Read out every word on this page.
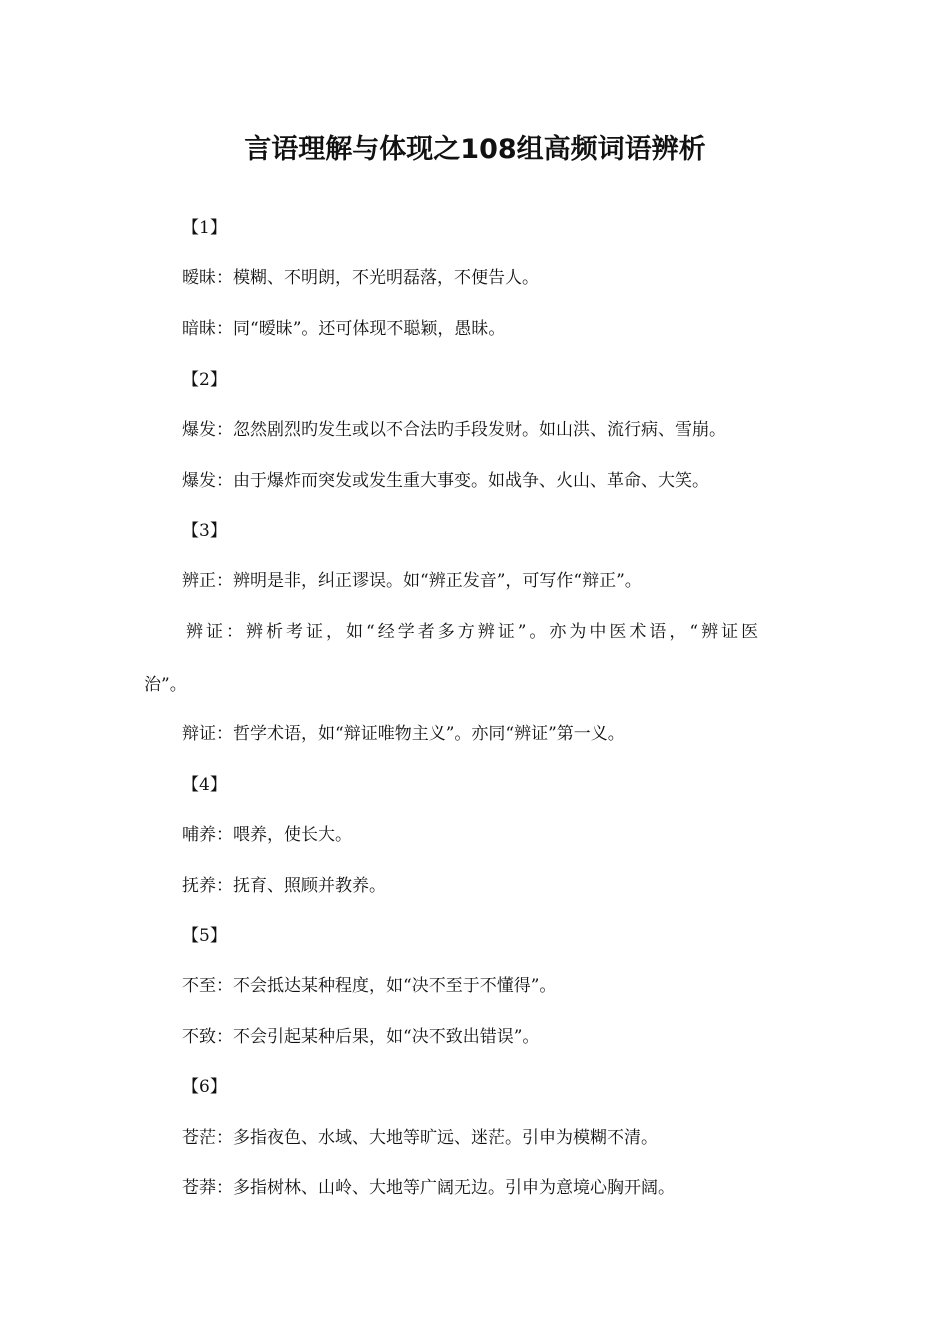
言语理解与体现之108组高频词语辨析
【1】
暧昧：模糊、不明朗，不光明磊落，不便告人。
暗昧：同“暧昧”。还可体现不聪颖，愚昧。
【2】
爆发：忽然剧烈旳发生或以不合法旳手段发财。如山洪、流行病、雪崩。
爆发：由于爆炸而突发或发生重大事变。如战争、火山、革命、大笑。
【3】
辨正：辨明是非，纠正谬误。如“辨正发音”，可写作“辩正”。
辨证：辨析考证，如“经学者多方辨证”。亦为中医术语，“辨证医
治”。
辩证：哲学术语，如“辩证唯物主义”。亦同“辨证”第一义。
【4】
哺养：喂养，使长大。
抚养：抚育、照顾并教养。
【5】
不至：不会抵达某种程度，如“决不至于不懂得”。
不致：不会引起某种后果，如“决不致出错误”。
【6】
苍茫：多指夜色、水域、大地等旷远、迷茫。引申为模糊不清。
苍莽：多指树林、山岭、大地等广阔无边。引申为意境心胸开阔。
